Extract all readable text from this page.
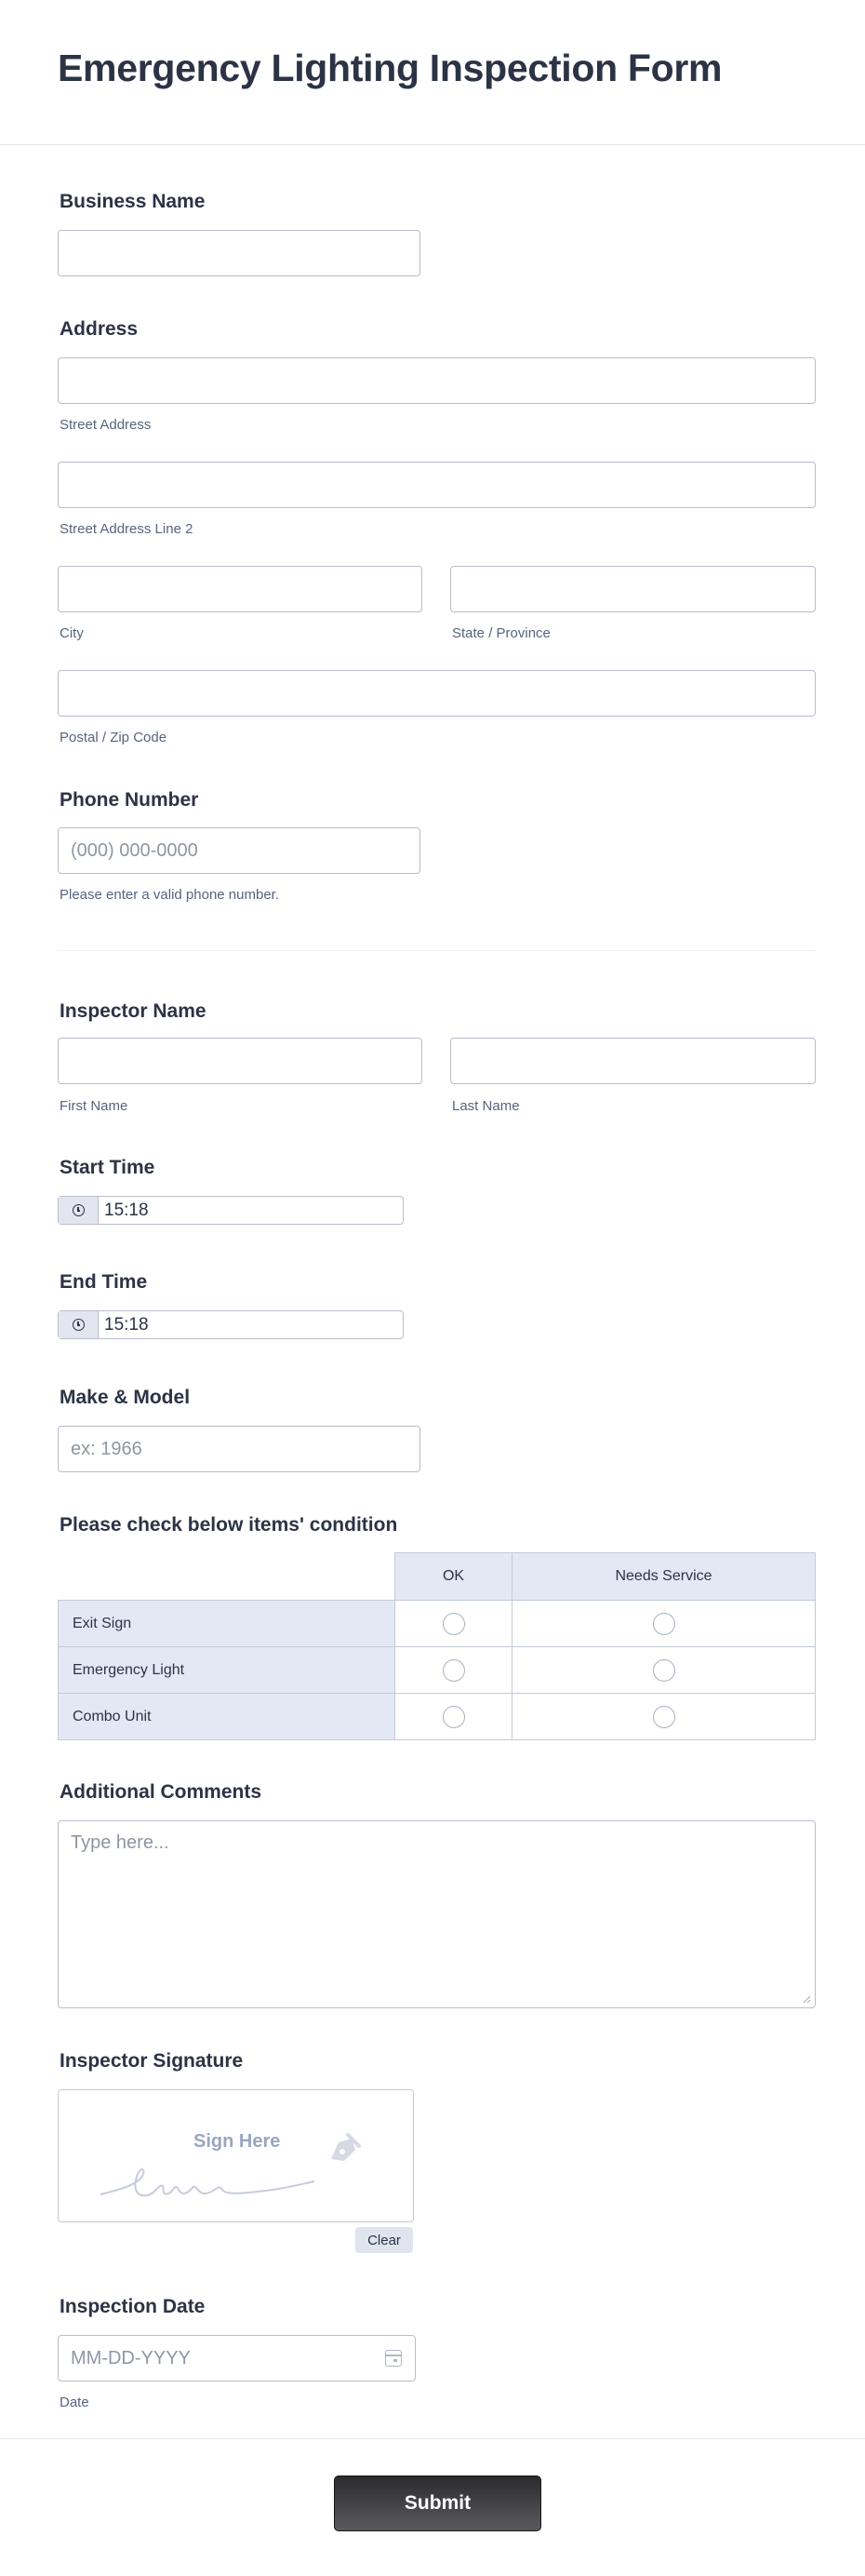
Emergency Lighting Inspection Form
Business Name
Address
Street Address
Street Address Line 2
City	State / Province
Postal / Zip Code
Phone Number
(000) 000-0000
Please enter a valid phone number.
Inspector Name
First Name	Last Name
Start Time
15:18
End Time
15:18
Make & Model
ex: 1966
Please check below items' condition
	OK	Needs Service
Exit Sign		
Emergency Light		
Combo Unit		
Additional Comments
Type here...
Inspector Signature
Sign Here
Clear
Inspection Date
MM-DD-YYYY
Date
Submit
